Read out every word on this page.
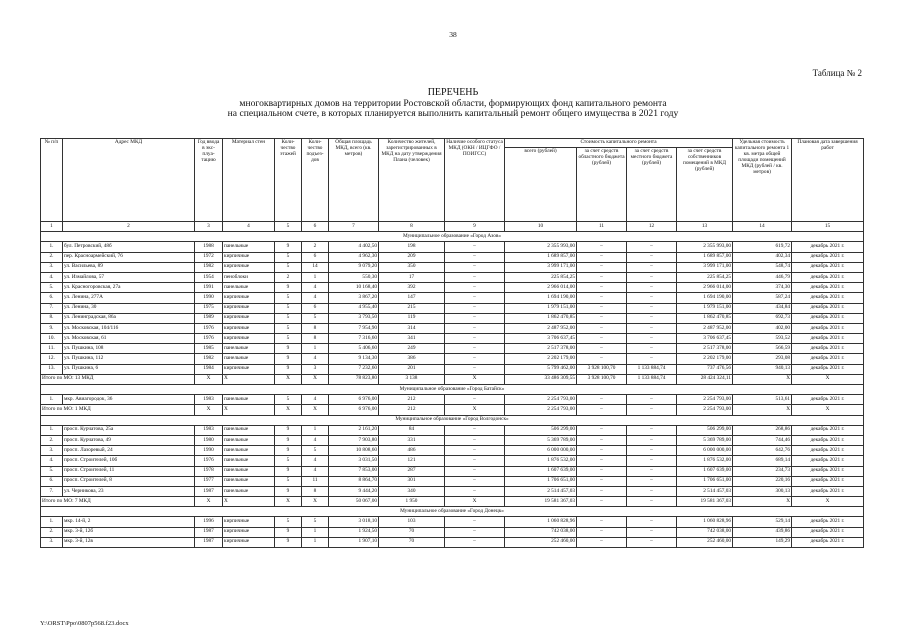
38
Таблица № 2
ПЕРЕЧЕНЬ
многоквартирных домов на территории Ростовской области, формирующих фонд капитального ремонта
на специальном счете, в которых планируется выполнить капитальный ремонт общего имущества в 2021 году
№ п/п	Адрес МКД	Год ввода в экс- плуа- тацию	Материал стен	Коли- чество этажей	Коли- чество подъез- дов	Общая площадь МКД, всего (кв. метров)	Количество жителей, зарегистрированных в МКД на дату утверждения Плана (человек)	Наличие особого статуса МКД (ОКН / ИЦГФО / ПОИГСС)	Стоимость капитального ремонта				Удельная стоимость капитального ремонта 1 кв. метра общей площади помещений МКД (рублей / кв. метров)	Плановая дата завершения работ
									всего (рублей)	за счет средств областного бюджета (рублей)	за счет средств местного бюджета (рублей)	за счет средств собственников помещений в МКД (рублей)		
1	2	3	4	5	6	7	8	9	10	11	12	13	14	15
Муниципальное образование «Город Азов»														
1.	бул. Петровский, 48б	1988	панельные	9	2	4 402,50	198	–	2 355 993,00	–	–	2 355 993,00	619,72	декабрь 2021 г.
2.	пер. Красноармейский, 76	1972	кирпичные	5	6	4 962,30	209	–	1 689 857,00	–	–	1 689 857,00	402,34	декабрь 2021 г.
3.	ул. Васильева, 89	1982	кирпичные	5	14	9 079,20	350	–	3 999 171,00	–	–	3 999 171,00	548,74	декабрь 2021 г.
4.	ул. Измайлова, 57	1954	пеноблоки	2	1	550,30	17	–	225 854,25	–	–	225 854,25	446,79	декабрь 2021 г.
5.	ул. Красногоровская, 27а	1991	панельные	9	4	10 168,40	392	–	2 966 014,00	–	–	2 966 014,00	374,30	декабрь 2021 г.
6.	ул. Ленина, 277А	1990	кирпичные	5	4	3 867,20	147	–	1 694 190,00	–	–	1 694 190,00	587,24	декабрь 2021 г.
7.	ул. Ленина, 30	1975	кирпичные	5	6	4 955,40	215	–	1 979 151,00	–	–	1 979 151,00	434,84	декабрь 2021 г.
8.	ул. Ленинградская, 86а	1989	кирпичные	5	5	3 793,50	119	–	1 862 470,85	–	–	1 862 470,85	692,73	декабрь 2021 г.
9.	ул. Московская, 104/116	1976	кирпичные	5	8	7 954,90	314	–	2 487 952,00	–	–	2 487 952,00	402,00	декабрь 2021 г.
10.	ул. Московская, 61	1976	кирпичные	5	8	7 316,60	341	–	3 706 637,45	–	–	3 706 637,45	593,52	декабрь 2021 г.
11.	ул. Пушкина, 108	1985	панельные	9	1	5 406,60	249	–	2 517 378,00	–	–	2 517 378,00	566,59	декабрь 2021 г.
12.	ул. Пушкина, 112	1982	панельные	9	4	9 134,30	386	–	2 202 179,00	–	–	2 202 179,00	293,08	декабрь 2021 г.
13.	ул. Пушкина, 6	1984	кирпичные	9	3	7 232,60	201	–	5 799 462,00	3 928 100,70	1 133 884,74	737 476,56	940,13	декабрь 2021 г.
Итого по МО: 13 МКД		X	X	X	X	78 823,80	3 138	X	33 486 309,55	3 928 100,70	1 133 884,74	28 424 324,11	X	X
Муниципальное образование «Город Батайск»														
1.	мкр. Авиагородок, 36	1983	панельные	5	4	6 976,00	212	–	2 254 793,00	–	–	2 254 793,00	513,61	декабрь 2021 г.
Итого по МО: 1 МКД		X	X	X	X	6 976,00	212	X	2 254 793,00	–	–	2 254 793,00	X	X
Муниципальное образование «Город Волгодонск»														
1.	просп. Курчатова, 25а	1983	панельные	9	1	2 161,20	84	–	506 299,00	–	–	506 299,00	268,86	декабрь 2021 г.
2.	просп. Курчатова, 49	1980	панельные	9	4	7 903,80	331	–	5 369 789,00	–	–	5 369 789,00	744,46	декабрь 2021 г.
3.	просп. Лазоревый, 24	1990	панельные	9	5	10 808,60	486	–	6 000 000,00	–	–	6 000 000,00	642,76	декабрь 2021 г.
4.	просп. Строителей, 10б	1976	панельные	5	4	3 031,50	121	–	1 876 532,00	–	–	1 876 532,00	689,14	декабрь 2021 г.
5.	просп. Строителей, 11	1978	панельные	9	4	7 853,00	287	–	1 607 639,00	–	–	1 607 639,00	234,73	декабрь 2021 г.
6.	просп. Строителей, 8	1977	панельные	5	11	8 864,70	301	–	1 706 651,00	–	–	1 706 651,00	220,16	декабрь 2021 г.
7.	ул. Черникова, 23	1987	панельные	9	8	9 444,20	340	–	2 514 457,03	–	–	2 514 457,03	300,13	декабрь 2021 г.
Итого по МО: 7 МКД		X	X	X	X	50 067,00	1 950	X	19 581 367,03	–	–	19 581 367,03	X	X
Муниципальное образование «Город Донецк»														
1.	мкр. 14-й, 2	1996	кирпичные	5	5	3 018,10	103	–	1 060 828,96	–	–	1 060 828,96	529,14	декабрь 2021 г.
2.	мкр. 3-й, 12б	1987	кирпичные	9	1	1 924,50	70	–	742 038,00	–	–	742 038,00	439,86	декабрь 2021 г.
3.	мкр. 3-й, 12в	1987	кирпичные	9	1	1 907,10	70	–	252 460,00	–	–	252 460,00	149,29	декабрь 2021 г.
Y:\ORST\Ppo\0807p568.f23.docx
